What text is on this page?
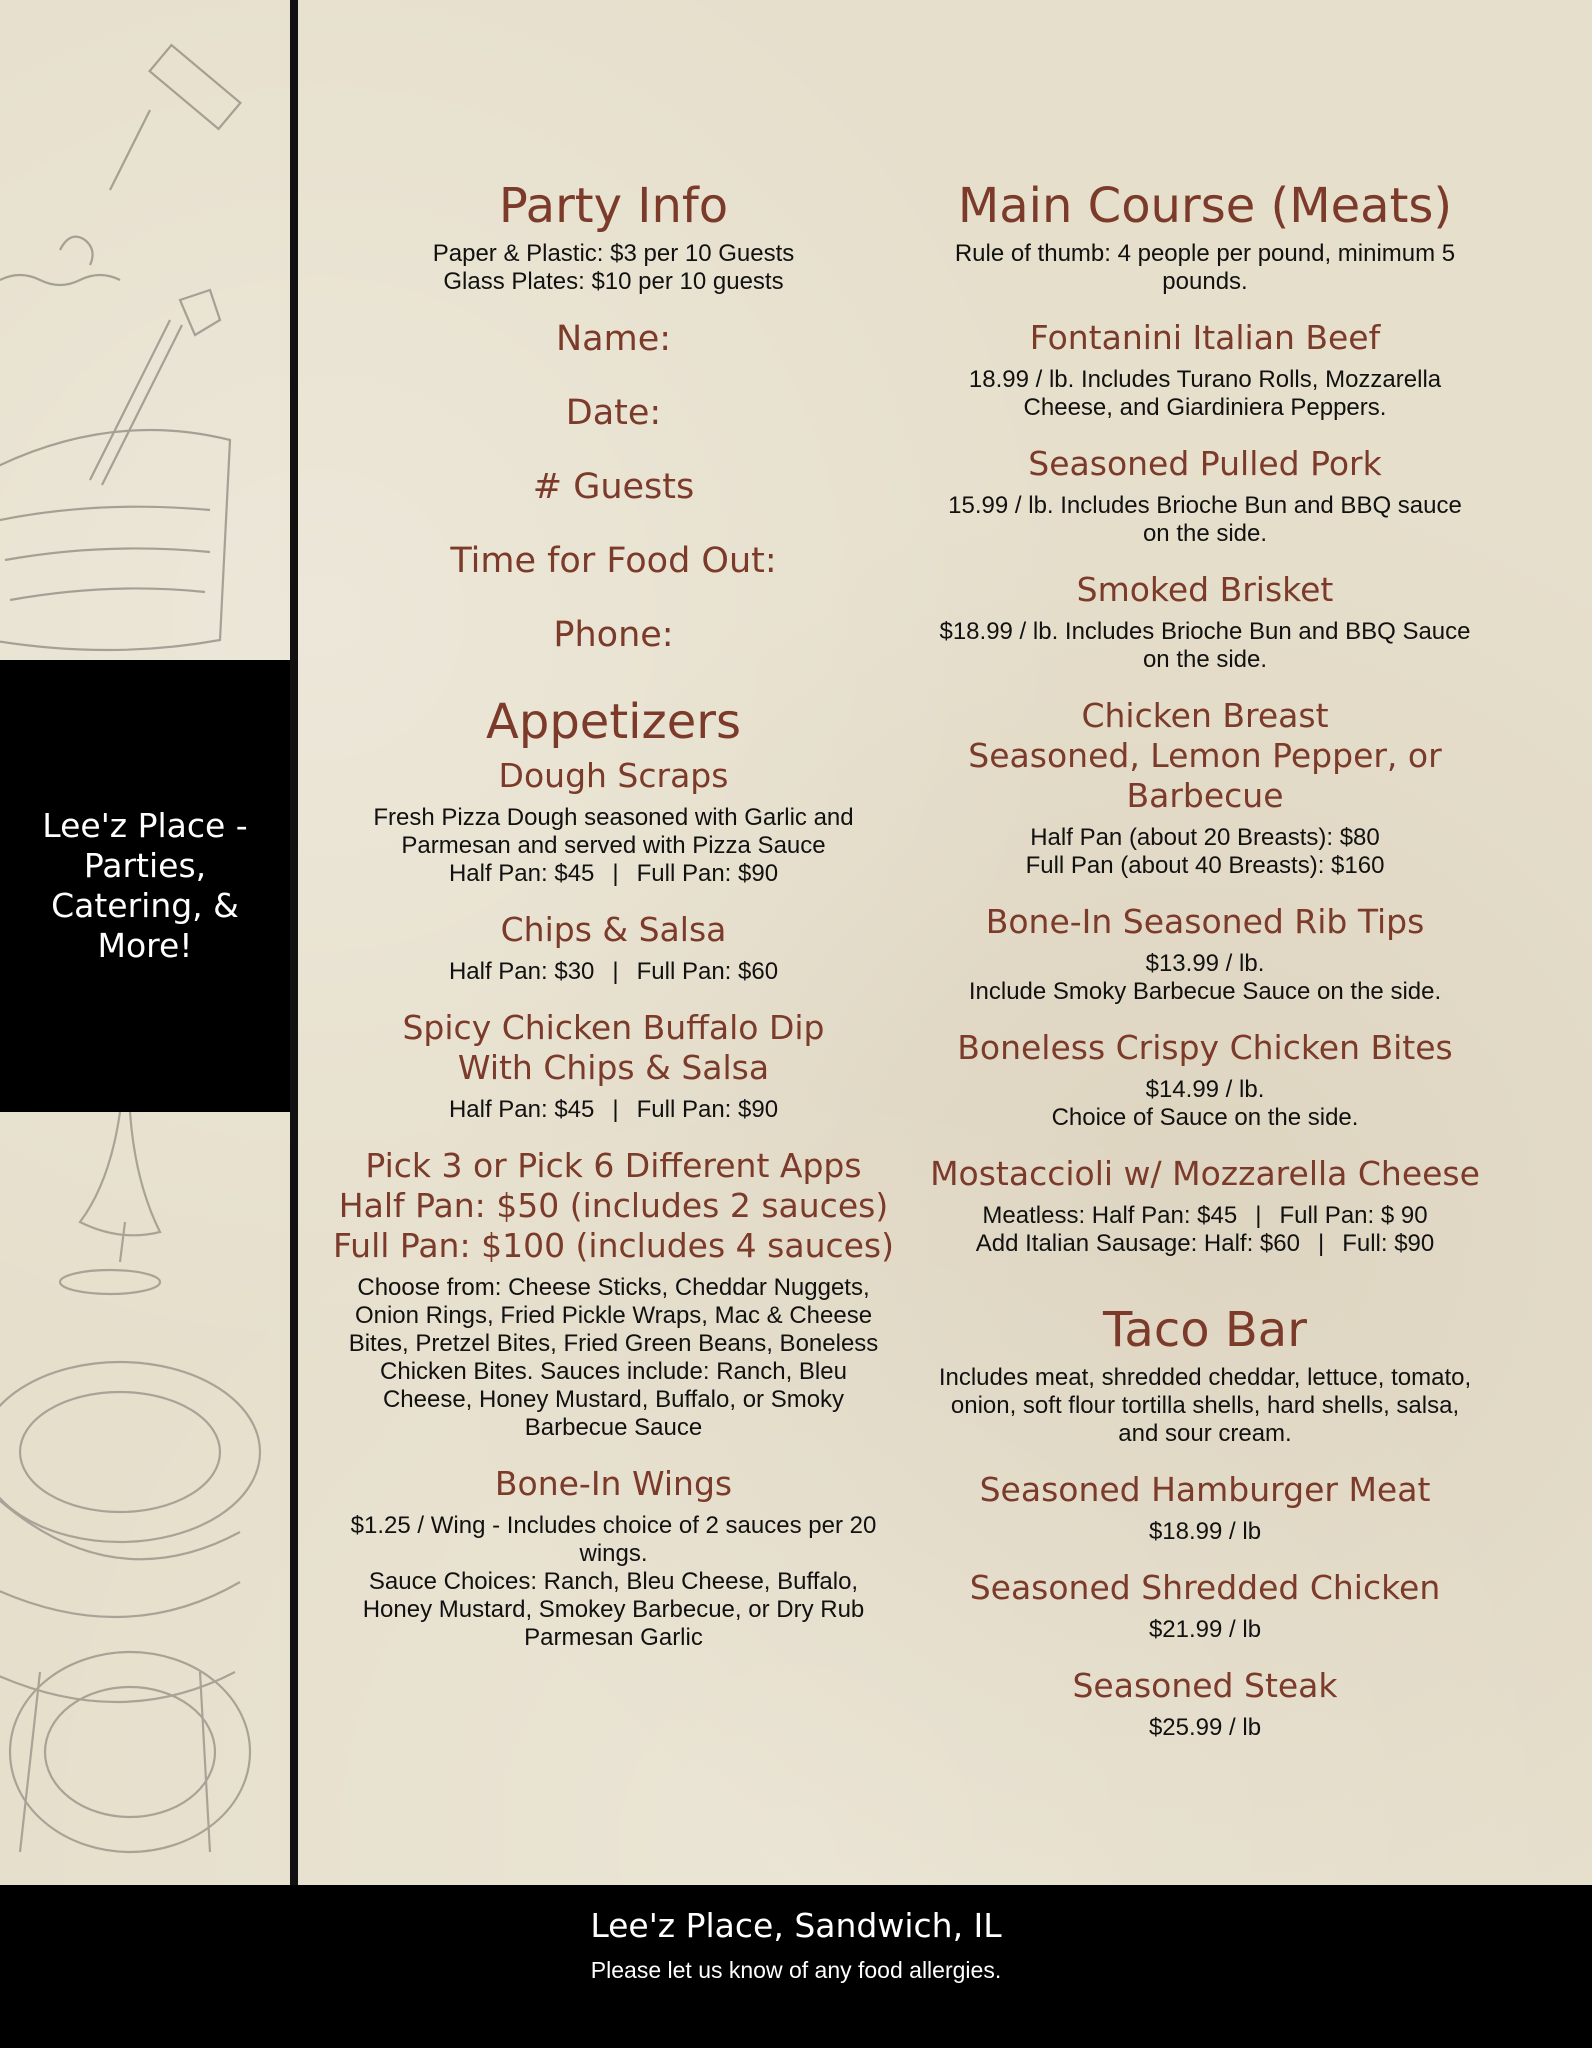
Lee'z Place - Parties, Catering, & More!
Party Info
Paper & Plastic: $3 per 10 Guests
Glass Plates: $10 per 10 guests
Name:
Date:
# Guests
Time for Food Out:
Phone:
Appetizers
Dough Scraps
Fresh Pizza Dough seasoned with Garlic and
Parmesan and served with Pizza Sauce
Half Pan: $45 | Full Pan: $90
Chips & Salsa
Half Pan: $30 | Full Pan: $60
Spicy Chicken Buffalo Dip
With Chips & Salsa
Half Pan: $45 | Full Pan: $90
Pick 3 or Pick 6 Different Apps
Half Pan: $50 (includes 2 sauces)
Full Pan: $100 (includes 4 sauces)
Choose from: Cheese Sticks, Cheddar Nuggets,
Onion Rings, Fried Pickle Wraps, Mac & Cheese
Bites, Pretzel Bites, Fried Green Beans, Boneless
Chicken Bites. Sauces include: Ranch, Bleu
Cheese, Honey Mustard, Buffalo, or Smoky
Barbecue Sauce
Bone-In Wings
$1.25 / Wing - Includes choice of 2 sauces per 20
wings.
Sauce Choices: Ranch, Bleu Cheese, Buffalo,
Honey Mustard, Smokey Barbecue, or Dry Rub
Parmesan Garlic
Main Course (Meats)
Rule of thumb: 4 people per pound, minimum 5
pounds.
Fontanini Italian Beef
18.99 / lb. Includes Turano Rolls, Mozzarella
Cheese, and Giardiniera Peppers.
Seasoned Pulled Pork
15.99 / lb. Includes Brioche Bun and BBQ sauce
on the side.
Smoked Brisket
$18.99 / lb. Includes Brioche Bun and BBQ Sauce
on the side.
Chicken Breast
Seasoned, Lemon Pepper, or
Barbecue
Half Pan (about 20 Breasts): $80
Full Pan (about 40 Breasts): $160
Bone-In Seasoned Rib Tips
$13.99 / lb.
Include Smoky Barbecue Sauce on the side.
Boneless Crispy Chicken Bites
$14.99 / lb.
Choice of Sauce on the side.
Mostaccioli w/ Mozzarella Cheese
Meatless: Half Pan: $45 | Full Pan: $ 90
Add Italian Sausage: Half: $60 | Full: $90
Taco Bar
Includes meat, shredded cheddar, lettuce, tomato,
onion, soft flour tortilla shells, hard shells, salsa,
and sour cream.
Seasoned Hamburger Meat
$18.99 / lb
Seasoned Shredded Chicken
$21.99 / lb
Seasoned Steak
$25.99 / lb
Lee'z Place, Sandwich, IL
Please let us know of any food allergies.
